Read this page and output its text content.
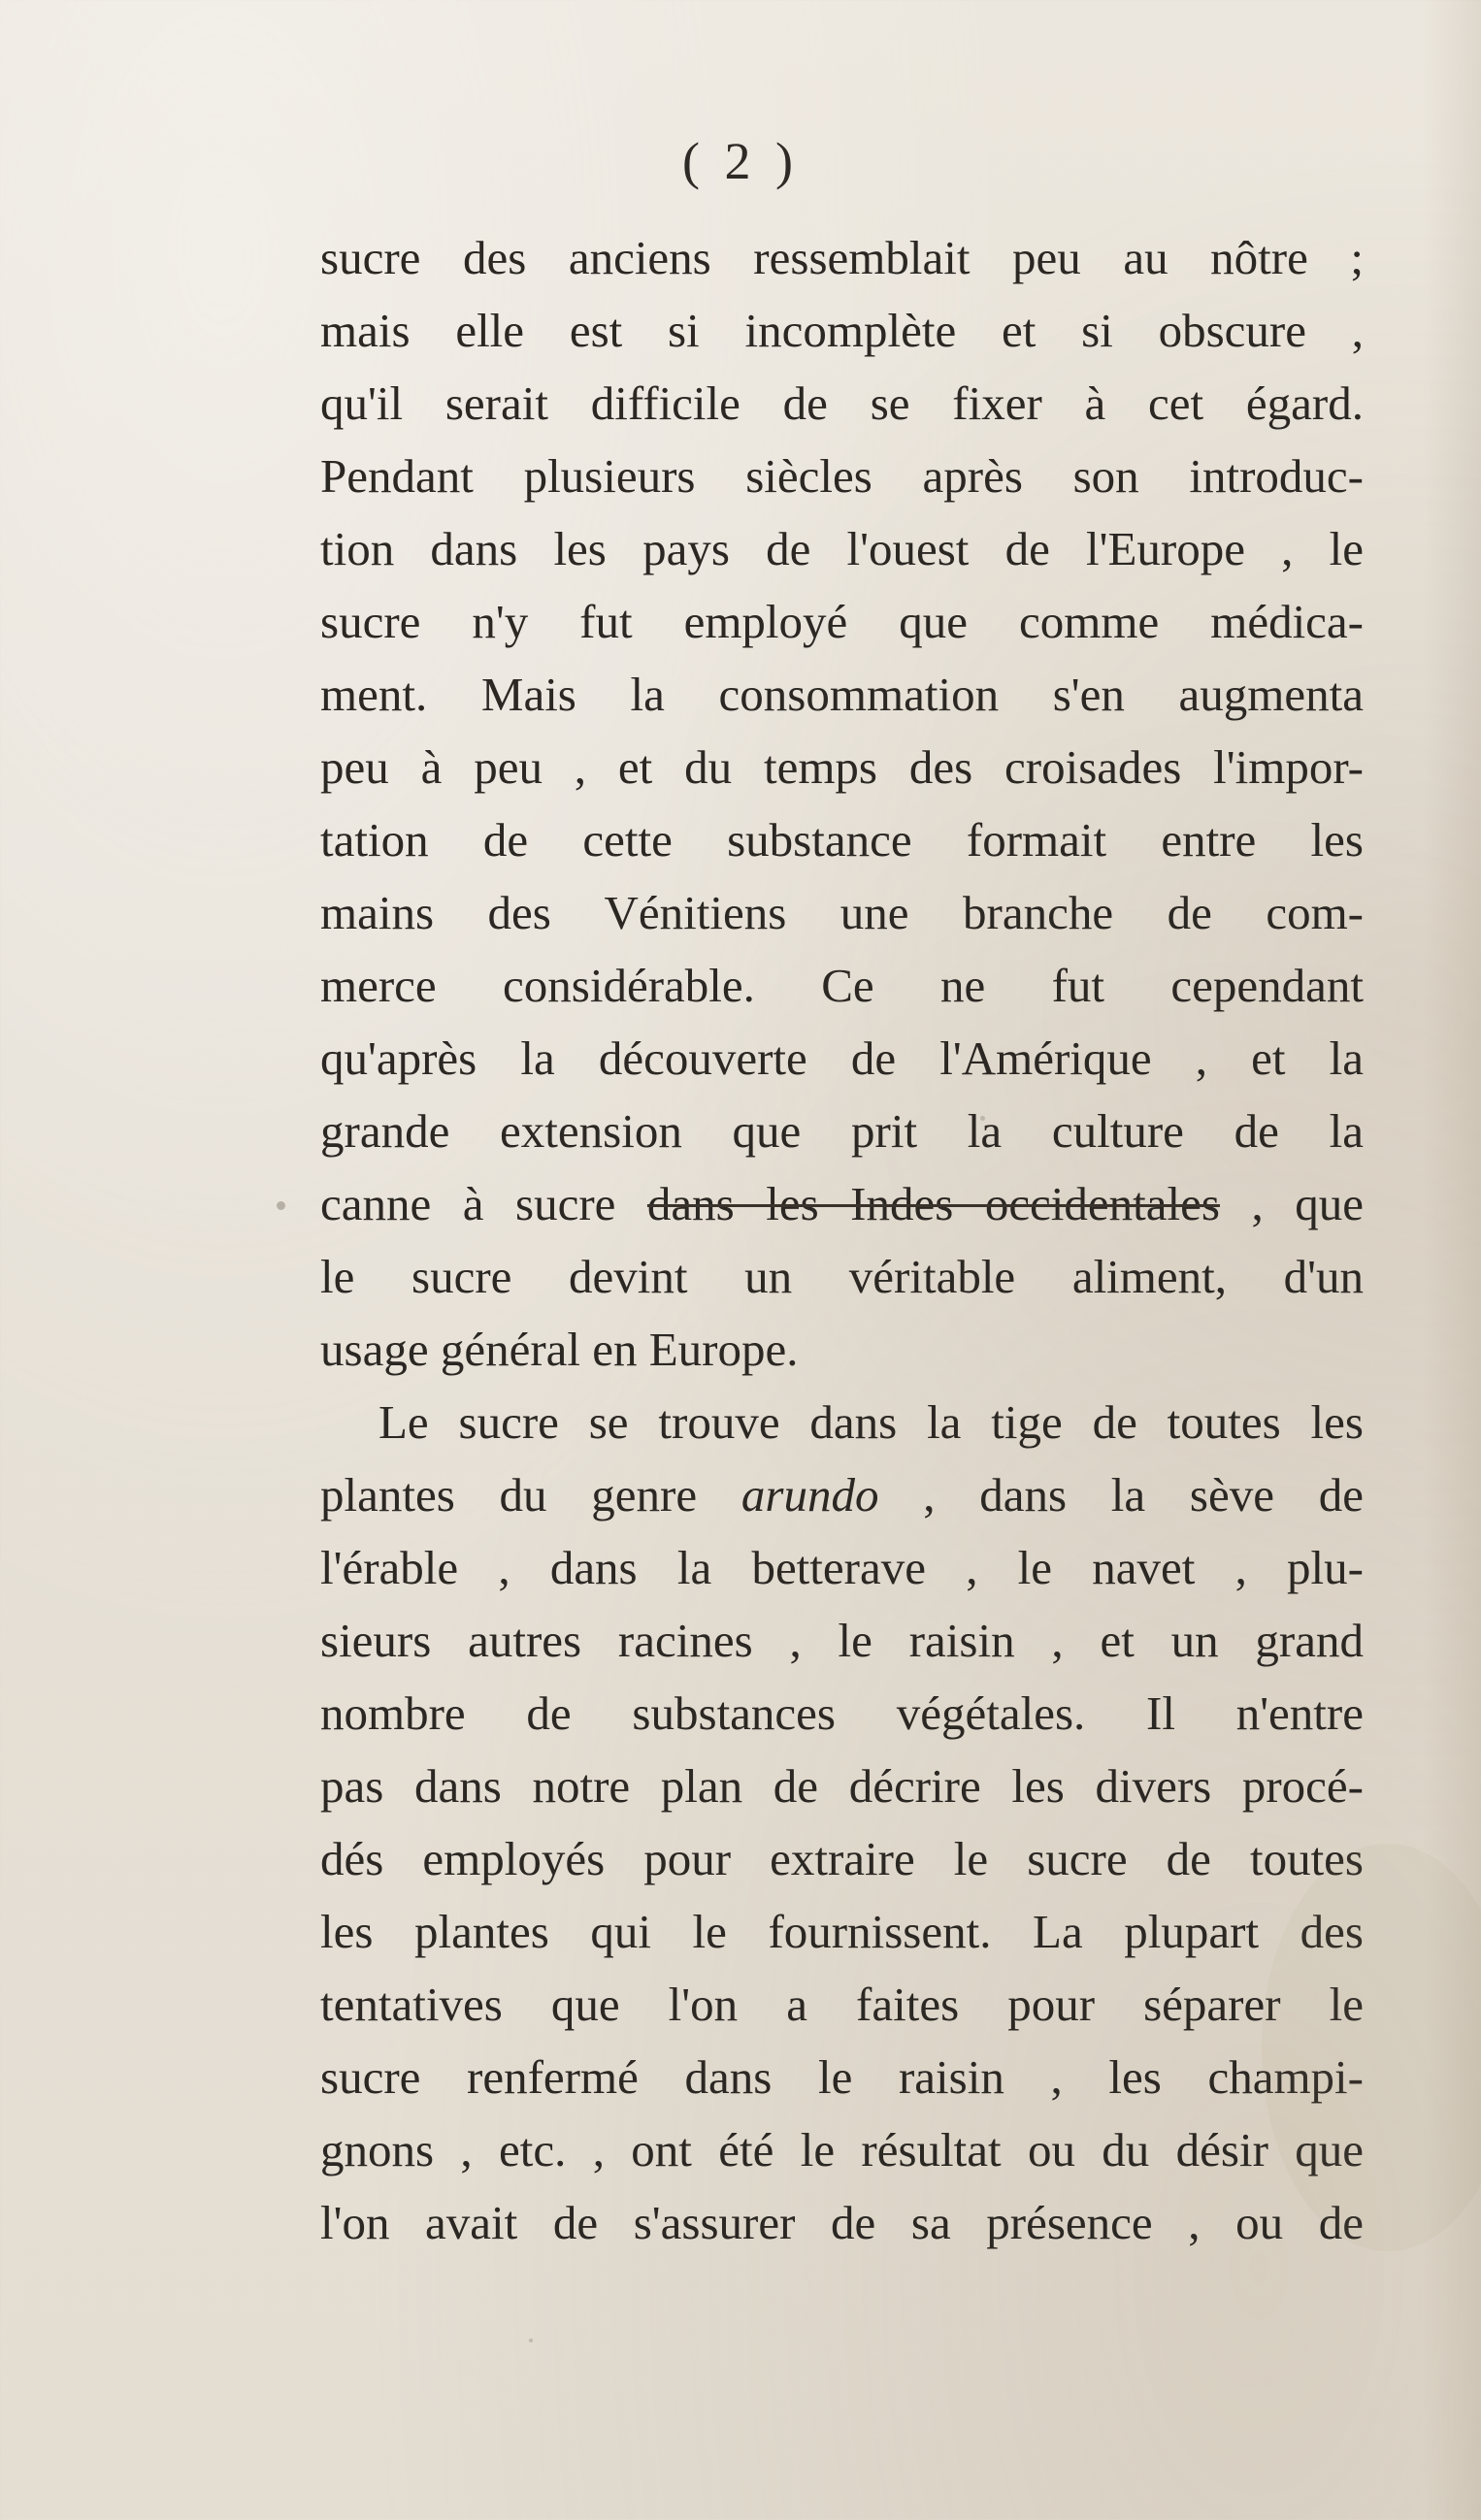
( 2 )
sucre des anciens ressemblait peu au nôtre ;
mais elle est si incomplète et si obscure ,
qu'il serait difficile de se fixer à cet égard.
Pendant plusieurs siècles après son introduc-
tion dans les pays de l'ouest de l'Europe , le
sucre n'y fut employé que comme médica-
ment. Mais la consommation s'en augmenta
peu à peu , et du temps des croisades l'impor-
tation de cette substance formait entre les
mains des Vénitiens une branche de com-
merce considérable. Ce ne fut cependant
qu'après la découverte de l'Amérique , et la
grande extension que prit la culture de la
canne à sucre dans les Indes occidentales , que
le sucre devint un véritable aliment, d'un
usage général en Europe.
Le sucre se trouve dans la tige de toutes les
plantes du genre arundo , dans la sève de
l'érable , dans la betterave , le navet , plu-
sieurs autres racines , le raisin , et un grand
nombre de substances végétales. Il n'entre
pas dans notre plan de décrire les divers procé-
dés employés pour extraire le sucre de toutes
les plantes qui le fournissent. La plupart des
tentatives que l'on a faites pour séparer le
sucre renfermé dans le raisin , les champi-
gnons , etc. , ont été le résultat ou du désir que
l'on avait de s'assurer de sa présence , ou de
